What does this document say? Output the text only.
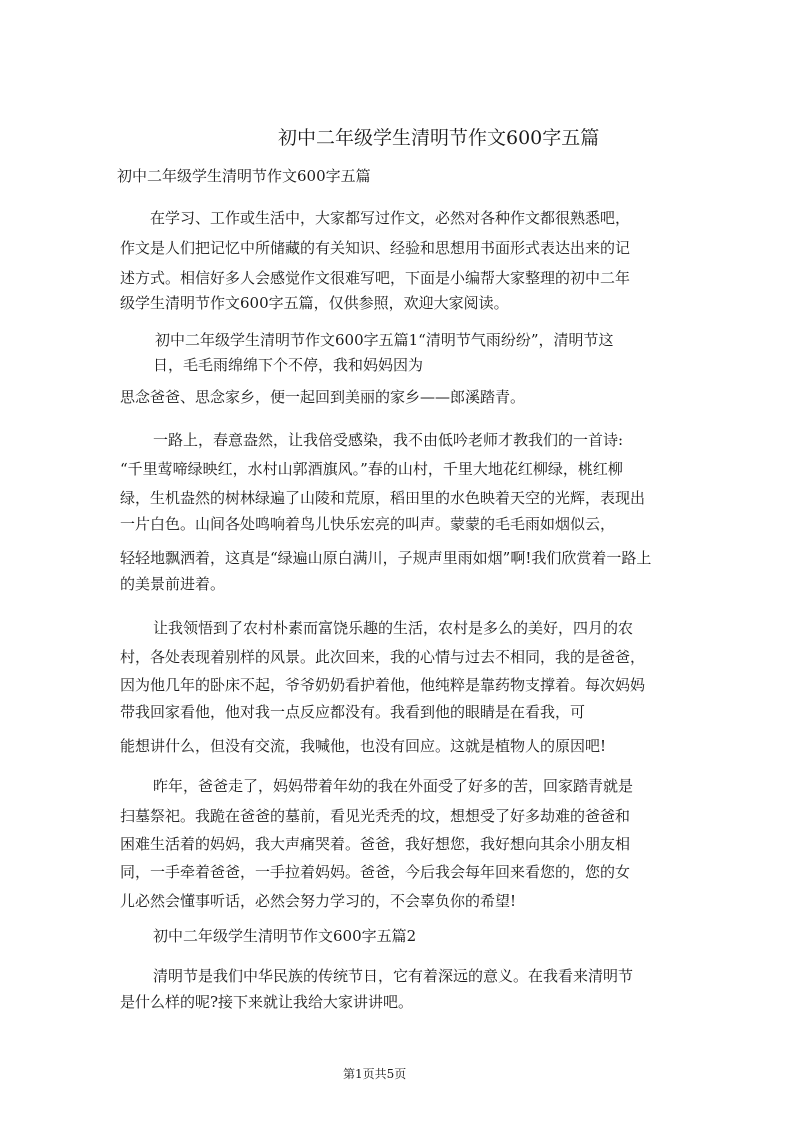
初中二年级学生清明节作文600字五篇
初中二年级学生清明节作文600字五篇
在学习、工作或生活中，大家都写过作文，必然对各种作文都很熟悉吧，
作文是人们把记忆中所储藏的有关知识、经验和思想用书面形式表达出来的记
述方式。相信好多人会感觉作文很难写吧，下面是小编帮大家整理的初中二年
级学生清明节作文600字五篇，仅供参照，欢迎大家阅读。
初中二年级学生清明节作文600字五篇1“清明节气雨纷纷”，清明节这
日，毛毛雨绵绵下个不停，我和妈妈因为
思念爸爸、思念家乡，便一起回到美丽的家乡——郎溪踏青。
一路上，春意盎然，让我倍受感染，我不由低吟老师才教我们的一首诗:
“千里莺啼绿映红，水村山郭酒旗风。”春的山村，千里大地花红柳绿，桃红柳
绿，生机盎然的树林绿遍了山陵和荒原，稻田里的水色映着天空的光辉，表现出
一片白色。山间各处鸣响着鸟儿快乐宏亮的叫声。蒙蒙的毛毛雨如烟似云，
轻轻地飘洒着，这真是“绿遍山原白满川，子规声里雨如烟”啊!我们欣赏着一路上
的美景前进着。
让我领悟到了农村朴素而富饶乐趣的生活，农村是多么的美好，四月的农
村，各处表现着别样的风景。此次回来，我的心情与过去不相同，我的是爸爸，
因为他几年的卧床不起，爷爷奶奶看护着他，他纯粹是靠药物支撑着。每次妈妈
带我回家看他，他对我一点反应都没有。我看到他的眼睛是在看我，可
能想讲什么，但没有交流，我喊他，也没有回应。这就是植物人的原因吧!
昨年，爸爸走了，妈妈带着年幼的我在外面受了好多的苦，回家踏青就是
扫墓祭祀。我跪在爸爸的墓前，看见光秃秃的坟，想想受了好多劫难的爸爸和
困难生活着的妈妈，我大声痛哭着。爸爸，我好想您，我好想向其余小朋友相
同，一手牵着爸爸，一手拉着妈妈。爸爸，今后我会每年回来看您的，您的女
儿必然会懂事听话，必然会努力学习的，不会辜负你的希望!
初中二年级学生清明节作文600字五篇2
清明节是我们中华民族的传统节日，它有着深远的意义。在我看来清明节
是什么样的呢?接下来就让我给大家讲讲吧。
第1页共5页
